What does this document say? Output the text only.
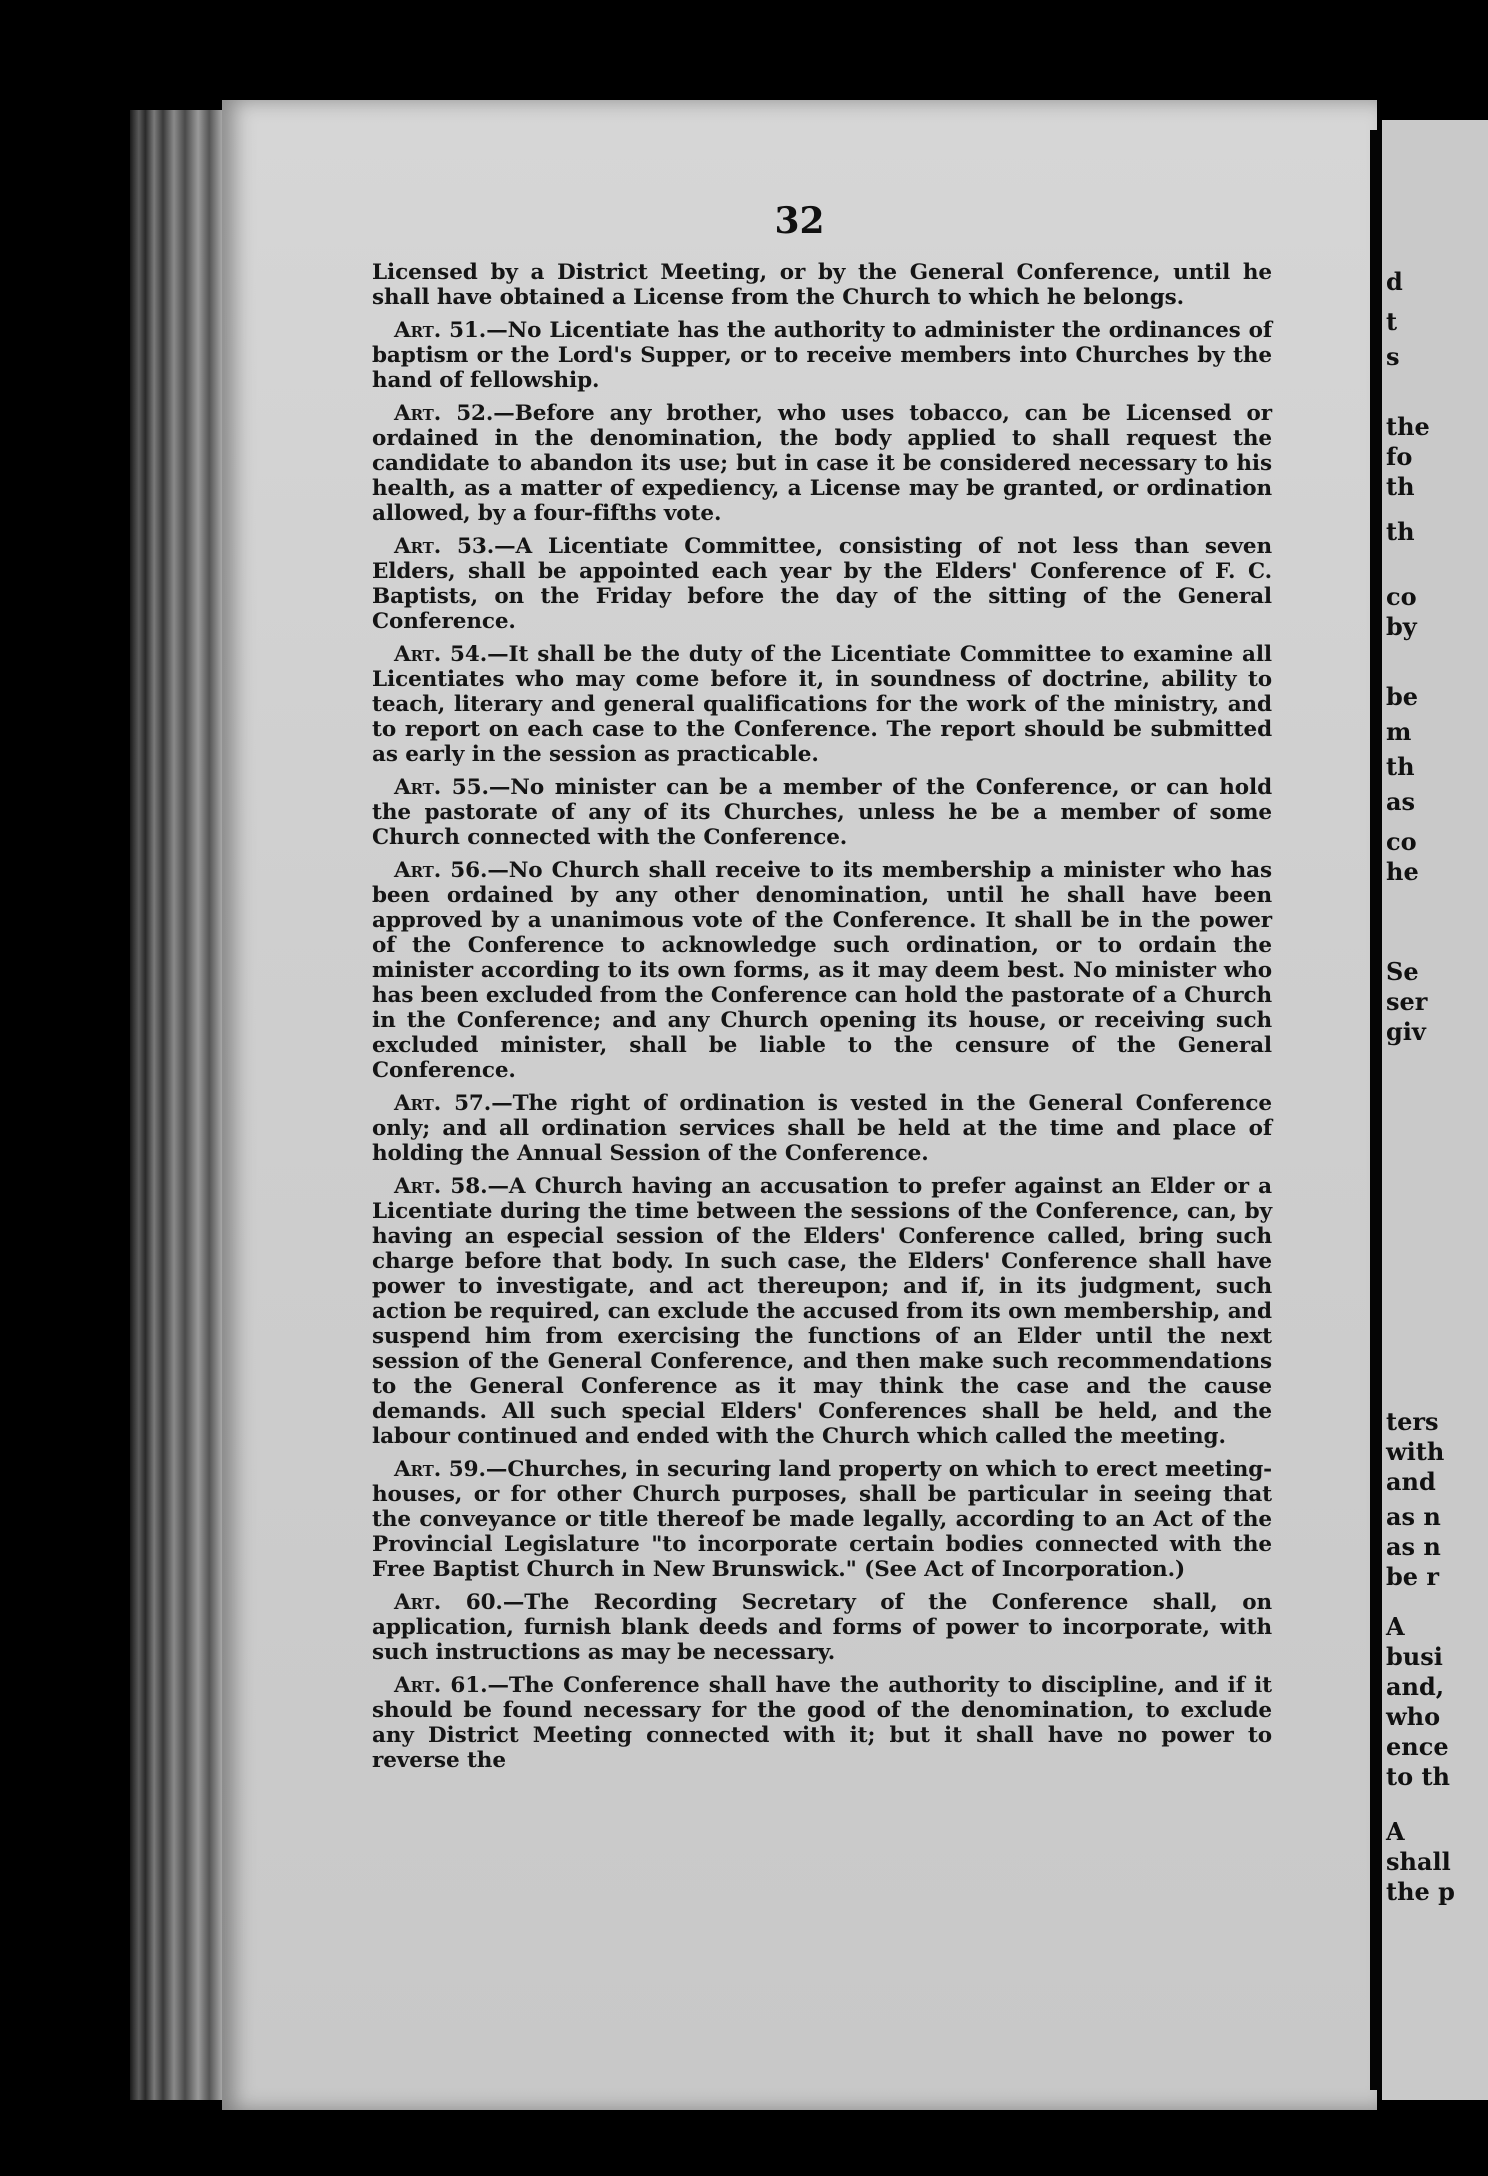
32

Licensed by a District Meeting, or by the General Conference, until he shall have obtained a License from the Church to which he belongs.

Art. 51.—No Licentiate has the authority to administer the ordinances of baptism or the Lord's Supper, or to receive members into Churches by the hand of fellowship.

Art. 52.—Before any brother, who uses tobacco, can be Licensed or ordained in the denomination, the body applied to shall request the candidate to abandon its use; but in case it be considered necessary to his health, as a matter of expediency, a License may be granted, or ordination allowed, by a four-fifths vote.

Art. 53.—A Licentiate Committee, consisting of not less than seven Elders, shall be appointed each year by the Elders' Conference of F. C. Baptists, on the Friday before the day of the sitting of the General Conference.

Art. 54.—It shall be the duty of the Licentiate Committee to examine all Licentiates who may come before it, in soundness of doctrine, ability to teach, literary and general qualifications for the work of the ministry, and to report on each case to the Conference. The report should be submitted as early in the session as practicable.

Art. 55.—No minister can be a member of the Conference, or can hold the pastorate of any of its Churches, unless he be a member of some Church connected with the Conference.

Art. 56.—No Church shall receive to its membership a minister who has been ordained by any other denomination, until he shall have been approved by a unanimous vote of the Conference. It shall be in the power of the Conference to acknowledge such ordination, or to ordain the minister according to its own forms, as it may deem best. No minister who has been excluded from the Conference can hold the pastorate of a Church in the Conference; and any Church opening its house, or receiving such excluded minister, shall be liable to the censure of the General Conference.

Art. 57.—The right of ordination is vested in the General Conference only; and all ordination services shall be held at the time and place of holding the Annual Session of the Conference.

Art. 58.—A Church having an accusation to prefer against an Elder or a Licentiate during the time between the sessions of the Conference, can, by having an especial session of the Elders' Conference called, bring such charge before that body. In such case, the Elders' Conference shall have power to investigate, and act thereupon; and if, in its judgment, such action be required, can exclude the accused from its own membership, and suspend him from exercising the functions of an Elder until the next session of the General Conference, and then make such recommendations to the General Conference as it may think the case and the cause demands. All such special Elders' Conferences shall be held, and the labour continued and ended with the Church which called the meeting.

Art. 59.—Churches, in securing land property on which to erect meeting-houses, or for other Church purposes, shall be particular in seeing that the conveyance or title thereof be made legally, according to an Act of the Provincial Legislature "to incorporate certain bodies connected with the Free Baptist Church in New Brunswick." (See Act of Incorporation.)

Art. 60.—The Recording Secretary of the Conference shall, on application, furnish blank deeds and forms of power to incorporate, with such instructions as may be necessary.

Art. 61.—The Conference shall have the authority to discipline, and if it should be found necessary for the good of the denomination, to exclude any District Meeting connected with it; but it shall have no power to reverse the

d
t
s
the
fo
th
th
co
by
be
m
th
as
co
he
Se
ser
giv
ters
with
and
as n
as n
be r
A
busi
and,
who
ence
to th
A
shall
the p
